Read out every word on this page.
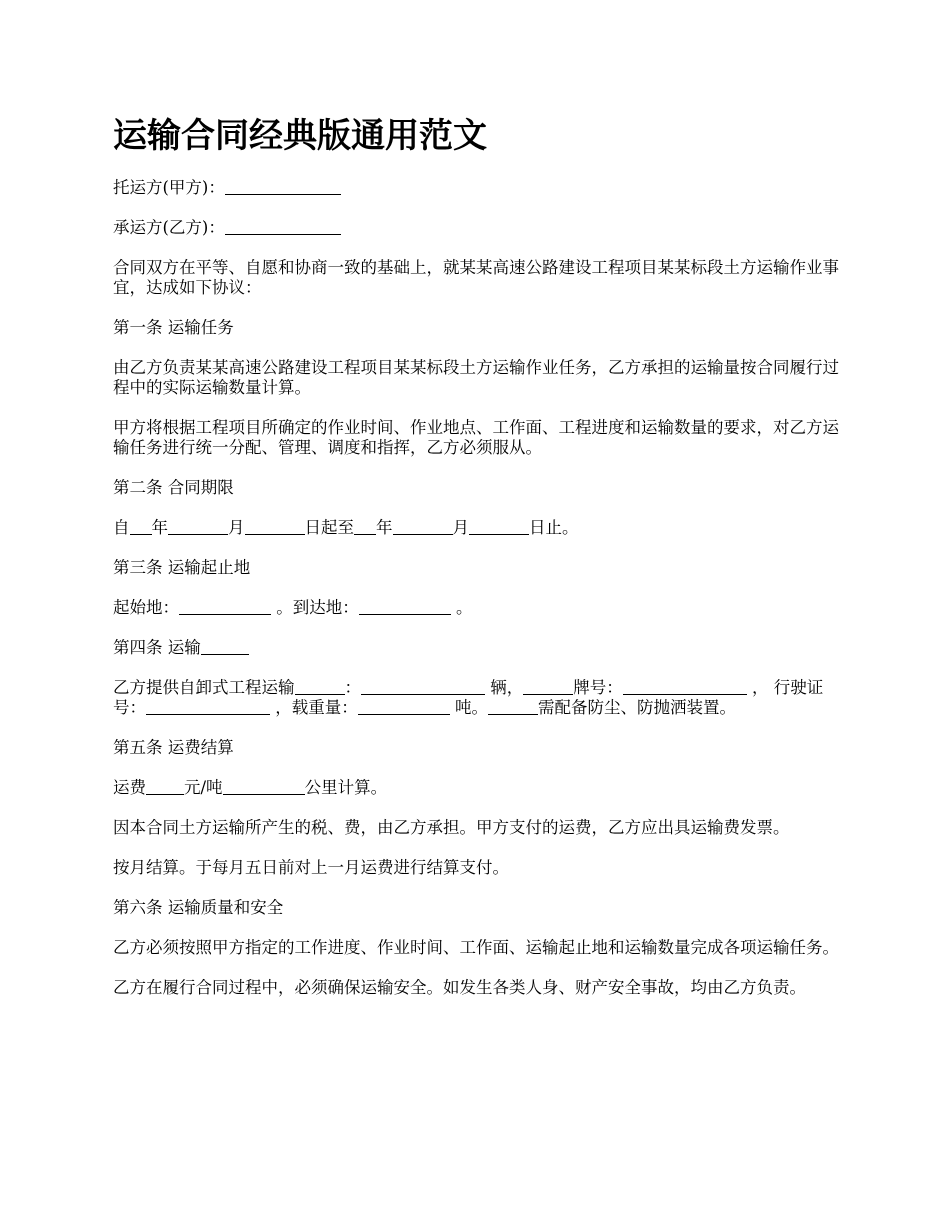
运输合同经典版通用范文

托运方(甲方)：

承运方(乙方)：

合同双方在平等、自愿和协商一致的基础上，就某某高速公路建设工程项目某某标段土方运输作业事宜，达成如下协议：

第一条 运输任务

由乙方负责某某高速公路建设工程项目某某标段土方运输作业任务，乙方承担的运输量按合同履行过程中的实际运输数量计算。

甲方将根据工程项目所确定的作业时间、作业地点、工作面、工程进度和运输数量的要求，对乙方运输任务进行统一分配、管理、调度和指挥，乙方必须服从。

第二条 合同期限

自 年	月	日起至 年	月	日止。

第三条 运输起止地

起始地：	。到达地：	。

第四条 运输

乙方提供自卸式工程运输	：	辆，	牌号：	， 行驶证号：	，载重量：	吨。	需配备防尘、防抛洒装置。

第五条 运费结算

运费 元/吨	公里计算。

因本合同土方运输所产生的税、费，由乙方承担。甲方支付的运费，乙方应出具运输费发票。

按月结算。于每月五日前对上一月运费进行结算支付。

第六条 运输质量和安全

乙方必须按照甲方指定的工作进度、作业时间、工作面、运输起止地和运输数量完成各项运输任务。

乙方在履行合同过程中，必须确保运输安全。如发生各类人身、财产安全事故，均由乙方负责。
